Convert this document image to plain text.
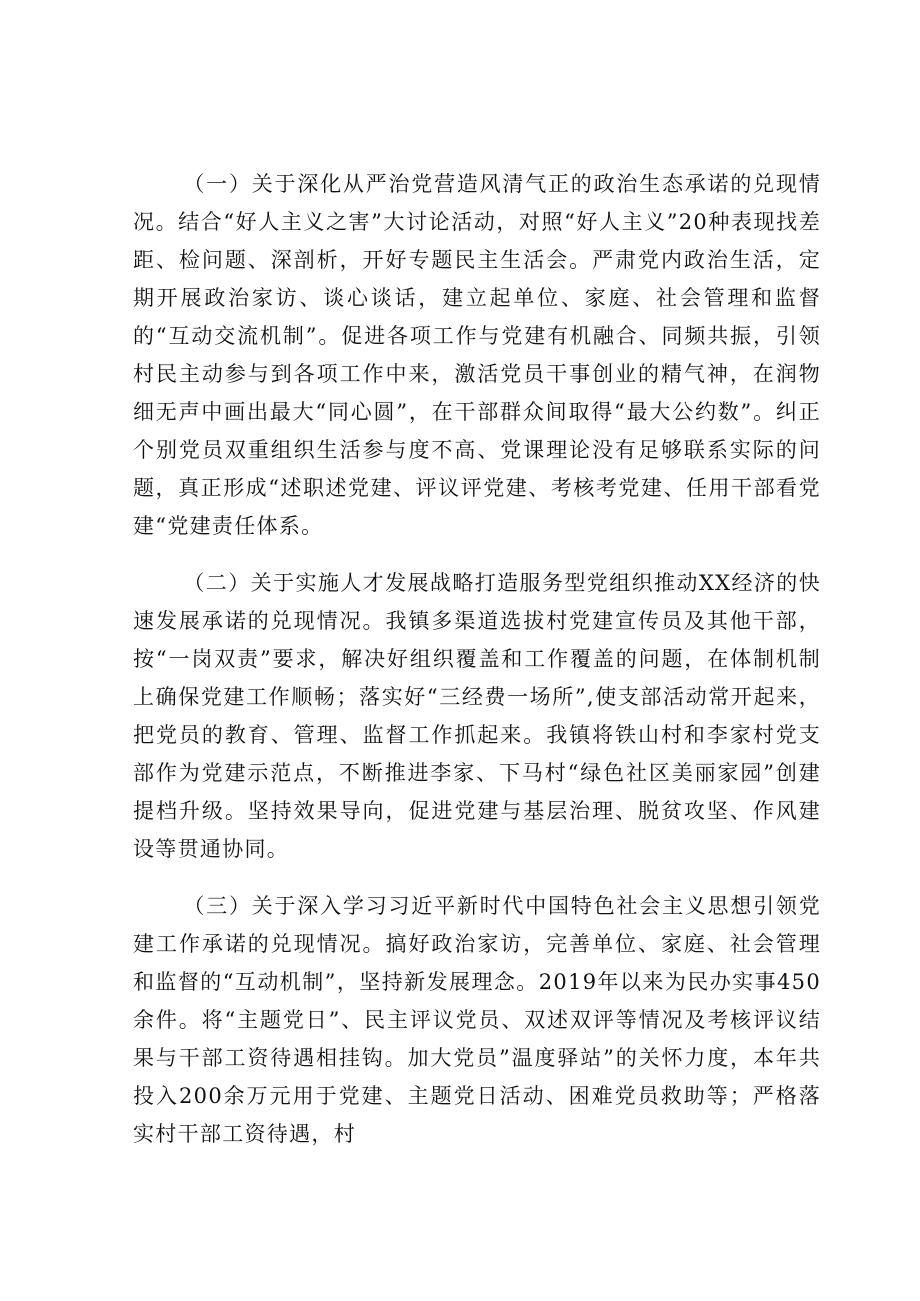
（一）关于深化从严治党营造风清气正的政治生态承诺的兑现情况。结合“好人主义之害”大讨论活动，对照“好人主义”20种表现找差距、检问题、深剖析，开好专题民主生活会。严肃党内政治生活，定期开展政治家访、谈心谈话，建立起单位、家庭、社会管理和监督的“互动交流机制”。促进各项工作与党建有机融合、同频共振，引领村民主动参与到各项工作中来，激活党员干事创业的精气神，在润物细无声中画出最大“同心圆”，在干部群众间取得“最大公约数”。纠正个别党员双重组织生活参与度不高、党课理论没有足够联系实际的问题，真正形成“述职述党建、评议评党建、考核考党建、任用干部看党建“党建责任体系。

（二）关于实施人才发展战略打造服务型党组织推动XX经济的快速发展承诺的兑现情况。我镇多渠道选拔村党建宣传员及其他干部，按“一岗双责”要求，解决好组织覆盖和工作覆盖的问题，在体制机制上确保党建工作顺畅；落实好“三经费一场所”,使支部活动常开起来，把党员的教育、管理、监督工作抓起来。我镇将铁山村和李家村党支部作为党建示范点，不断推进李家、下马村“绿色社区美丽家园”创建提档升级。坚持效果导向，促进党建与基层治理、脱贫攻坚、作风建设等贯通协同。

（三）关于深入学习习近平新时代中国特色社会主义思想引领党建工作承诺的兑现情况。搞好政治家访，完善单位、家庭、社会管理和监督的“互动机制”，坚持新发展理念。2019年以来为民办实事450余件。将“主题党日”、民主评议党员、双述双评等情况及考核评议结果与干部工资待遇相挂钩。加大党员”温度驿站”的关怀力度，本年共投入200余万元用于党建、主题党日活动、困难党员救助等；严格落实村干部工资待遇，村
